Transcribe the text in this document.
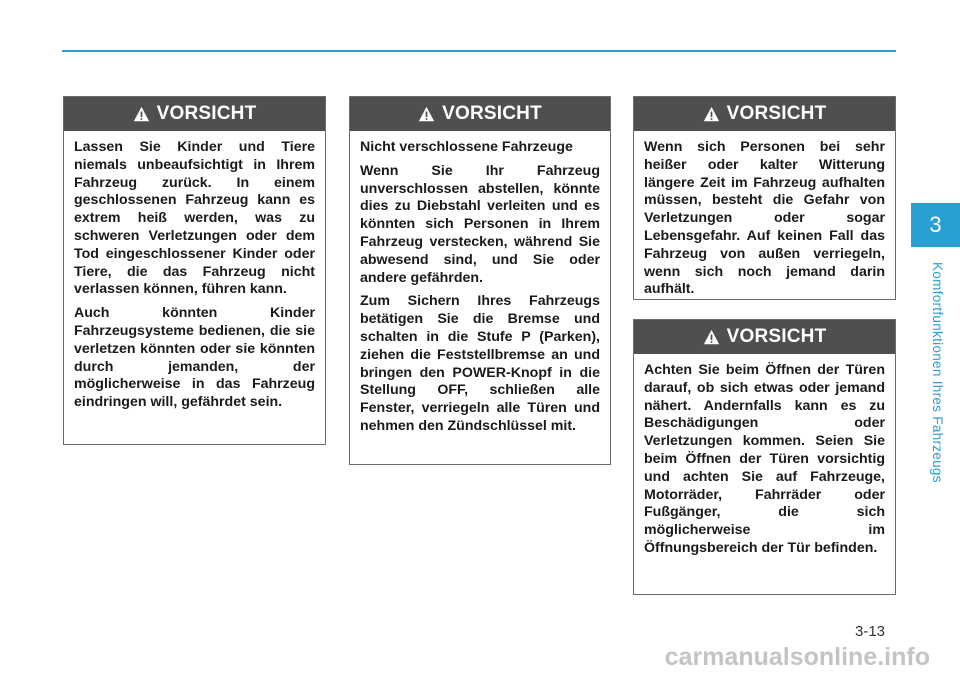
VORSICHT

Lassen Sie Kinder und Tiere niemals unbeaufsichtigt in Ihrem Fahrzeug zurück. In einem geschlossenen Fahrzeug kann es extrem heiß werden, was zu schweren Verletzungen oder dem Tod eingeschlossener Kinder oder Tiere, die das Fahrzeug nicht verlassen können, führen kann.

Auch könnten Kinder Fahrzeugsysteme bedienen, die sie verletzen könnten oder sie könnten durch jemanden, der möglicherweise in das Fahrzeug eindringen will, gefährdet sein.

VORSICHT

Nicht verschlossene Fahrzeuge

Wenn Sie Ihr Fahrzeug unverschlossen abstellen, könnte dies zu Diebstahl verleiten und es könnten sich Personen in Ihrem Fahrzeug verstecken, während Sie abwesend sind, und Sie oder andere gefährden.

Zum Sichern Ihres Fahrzeugs betätigen Sie die Bremse und schalten in die Stufe P (Parken), ziehen die Feststellbremse an und bringen den POWER-Knopf in die Stellung OFF, schließen alle Fenster, verriegeln alle Türen und nehmen den Zündschlüssel mit.

VORSICHT

Wenn sich Personen bei sehr heißer oder kalter Witterung längere Zeit im Fahrzeug aufhalten müssen, besteht die Gefahr von Verletzungen oder sogar Lebensgefahr. Auf keinen Fall das Fahrzeug von außen verriegeln, wenn sich noch jemand darin aufhält.

VORSICHT

Achten Sie beim Öffnen der Türen darauf, ob sich etwas oder jemand nähert. Andernfalls kann es zu Beschädigungen oder Verletzungen kommen. Seien Sie beim Öffnen der Türen vorsichtig und achten Sie auf Fahrzeuge, Motorräder, Fahrräder oder Fußgänger, die sich möglicherweise im Öffnungsbereich der Tür befinden.

3
Komfortfunktionen Ihres Fahrzeugs
3-13
carmanualsonline.info
